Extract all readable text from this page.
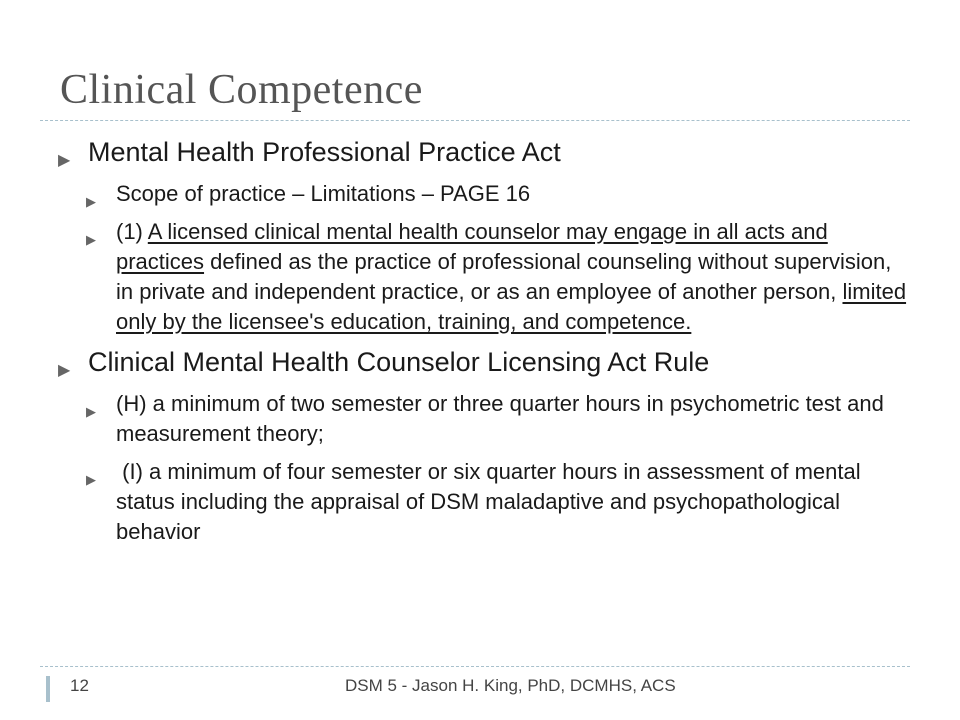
Clinical Competence
▶ Mental Health Professional Practice Act
▶ Scope of practice – Limitations – PAGE 16
▶ (1) A licensed clinical mental health counselor may engage in all acts and practices defined as the practice of professional counseling without supervision, in private and independent practice, or as an employee of another person, limited only by the licensee's education, training, and competence.
▶ Clinical Mental Health Counselor Licensing Act Rule
▶ (H) a minimum of two semester or three quarter hours in psychometric test and measurement theory;
▶ (I) a minimum of four semester or six quarter hours in assessment of mental status including the appraisal of DSM maladaptive and psychopathological behavior
12	DSM 5 - Jason H. King, PhD, DCMHS, ACS
